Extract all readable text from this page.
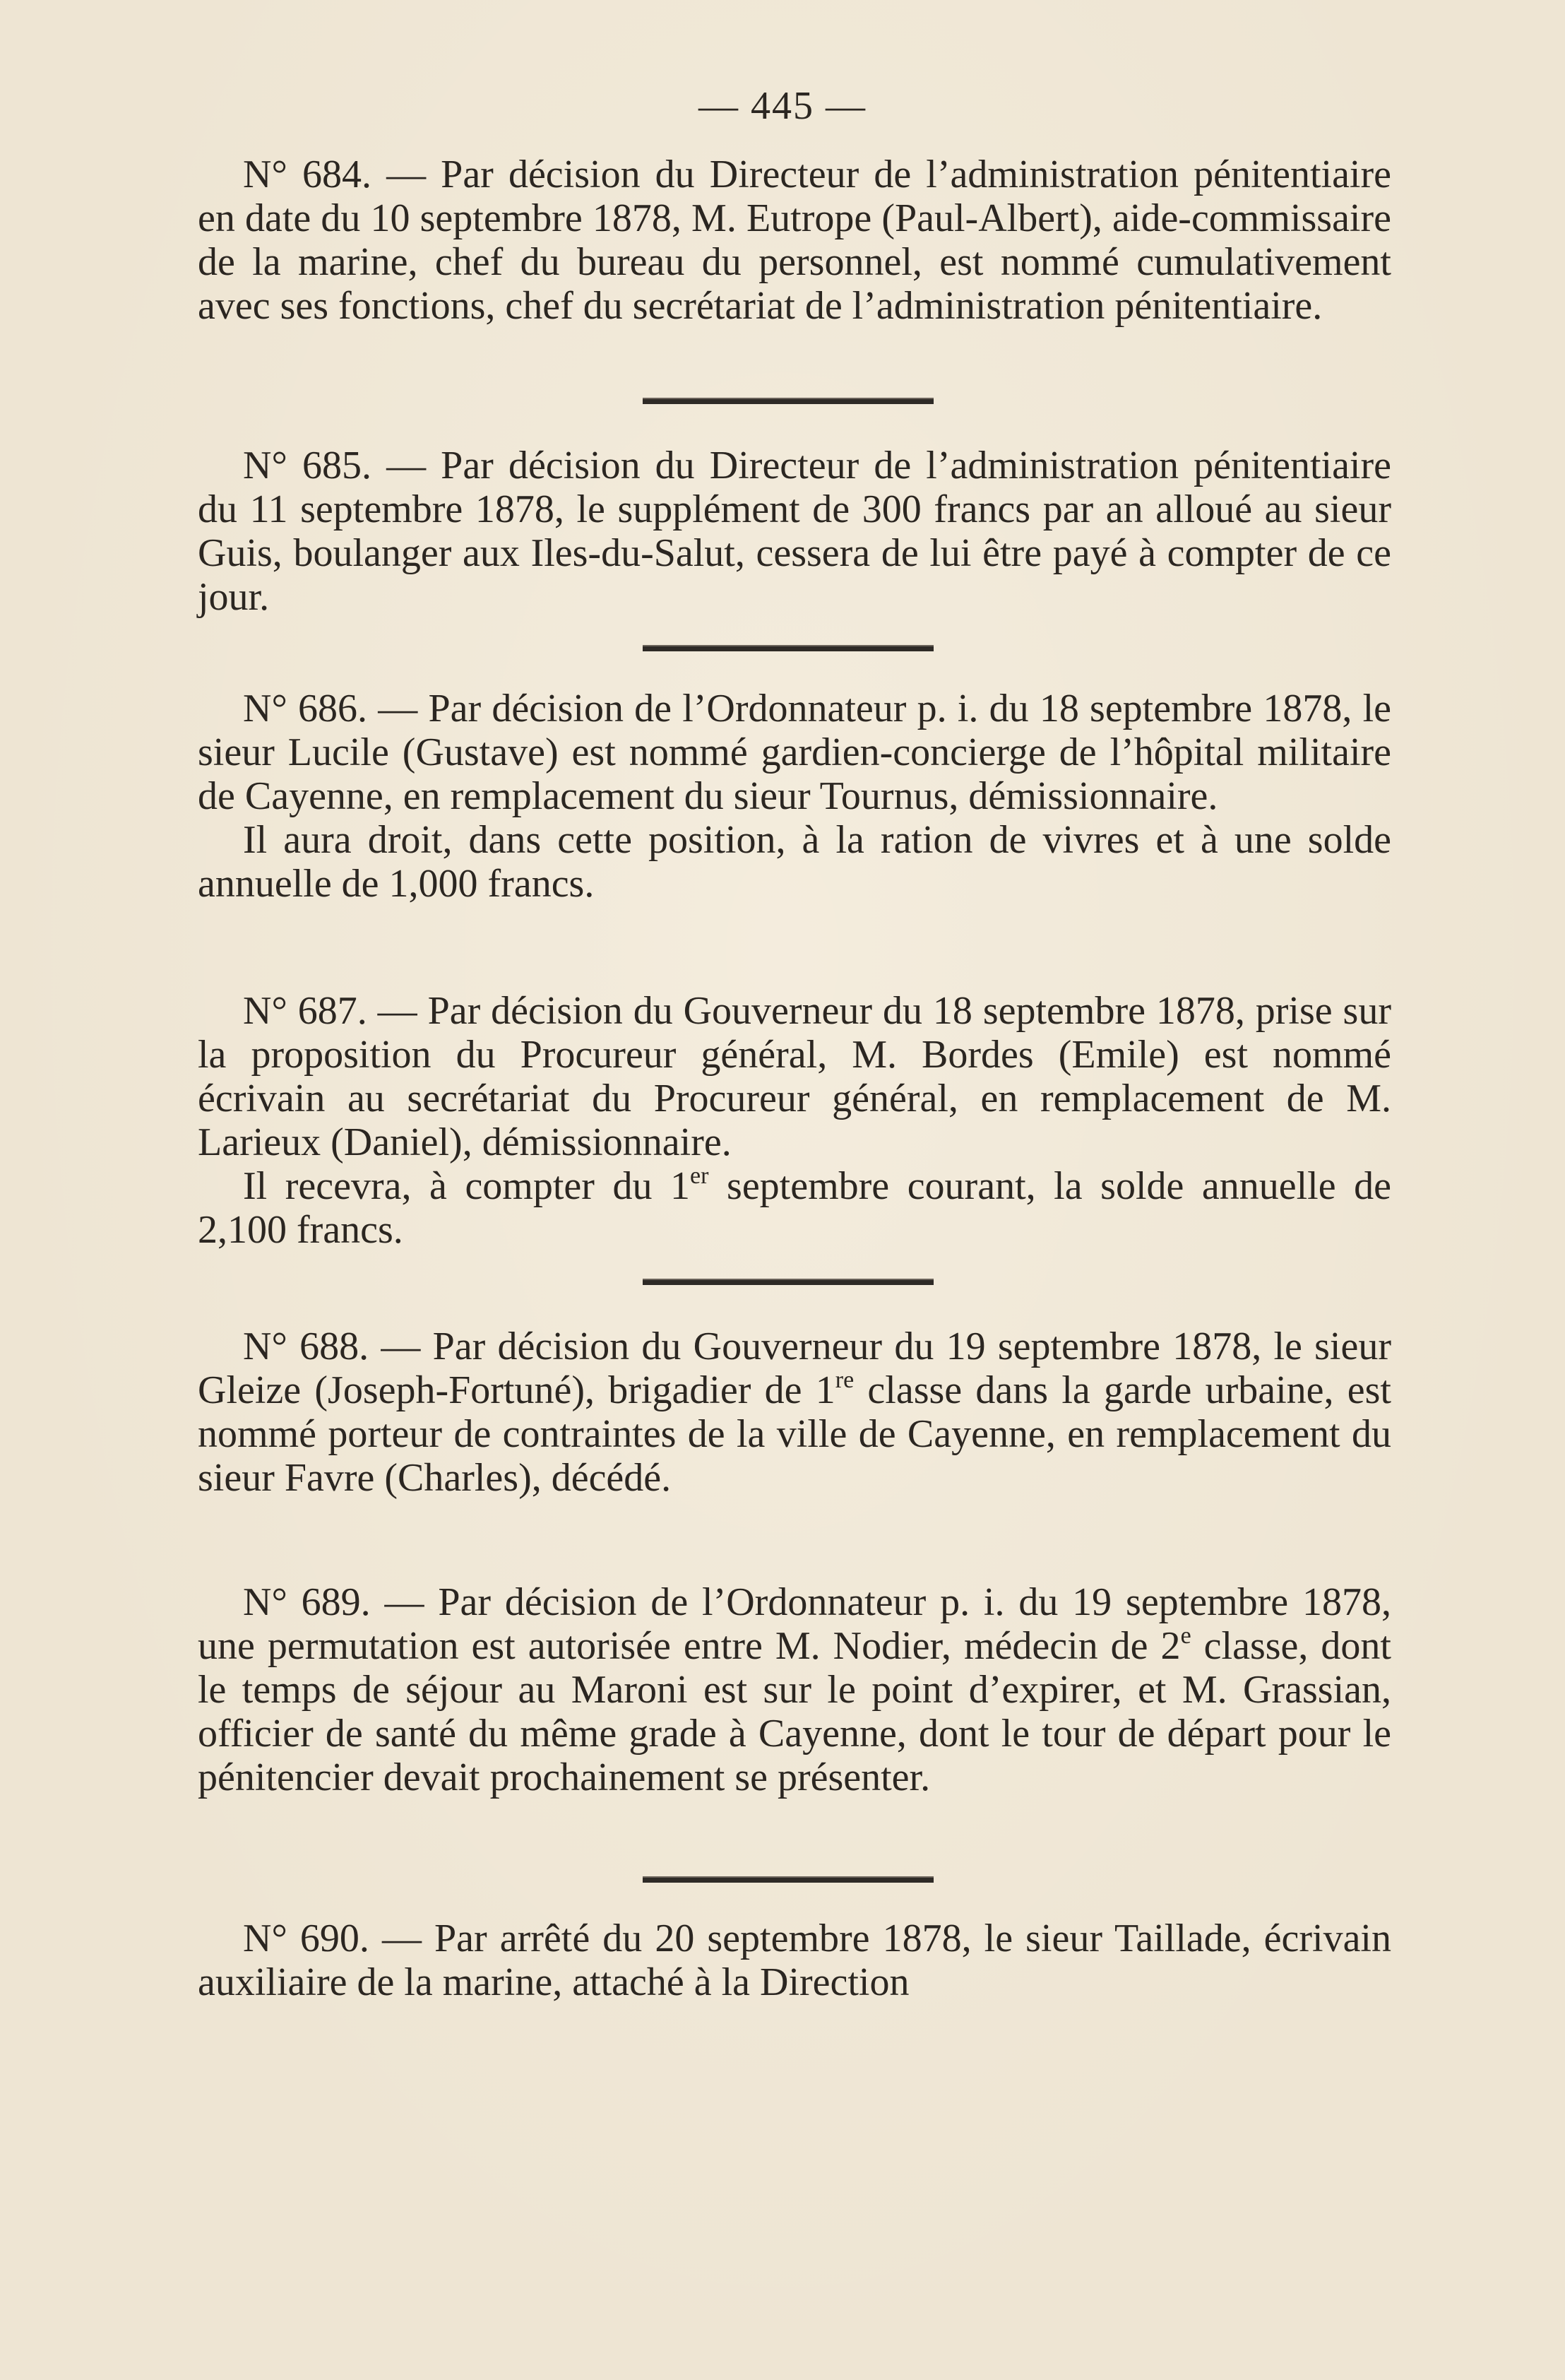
— 445 —

N° 684. — Par décision du Directeur de l’administration pénitentiaire en date du 10 septembre 1878, M. Eutrope (Paul-Albert), aide-commissaire de la marine, chef du bureau du personnel, est nommé cumulativement avec ses fonctions, chef du secrétariat de l’administration pénitentiaire.

N° 685. — Par décision du Directeur de l’administration pénitentiaire du 11 septembre 1878, le supplément de 300 francs par an alloué au sieur Guis, boulanger aux Iles-du-Salut, cessera de lui être payé à compter de ce jour.

N° 686. — Par décision de l’Ordonnateur p. i. du 18 septembre 1878, le sieur Lucile (Gustave) est nommé gardien-concierge de l’hôpital militaire de Cayenne, en remplacement du sieur Tournus, démissionnaire.

Il aura droit, dans cette position, à la ration de vivres et à une solde annuelle de 1,000 francs.

N° 687. — Par décision du Gouverneur du 18 septembre 1878, prise sur la proposition du Procureur général, M. Bordes (Emile) est nommé écrivain au secrétariat du Procureur général, en remplacement de M. Larieux (Daniel), démissionnaire.

Il recevra, à compter du 1er septembre courant, la solde annuelle de 2,100 francs.

N° 688. — Par décision du Gouverneur du 19 septembre 1878, le sieur Gleize (Joseph-Fortuné), brigadier de 1re classe dans la garde urbaine, est nommé porteur de contraintes de la ville de Cayenne, en remplacement du sieur Favre (Charles), décédé.

N° 689. — Par décision de l’Ordonnateur p. i. du 19 septembre 1878, une permutation est autorisée entre M. Nodier, médecin de 2e classe, dont le temps de séjour au Maroni est sur le point d’expirer, et M. Grassian, officier de santé du même grade à Cayenne, dont le tour de départ pour le pénitencier devait prochainement se présenter.

N° 690. — Par arrêté du 20 septembre 1878, le sieur Taillade, écrivain auxiliaire de la marine, attaché à la Direction
